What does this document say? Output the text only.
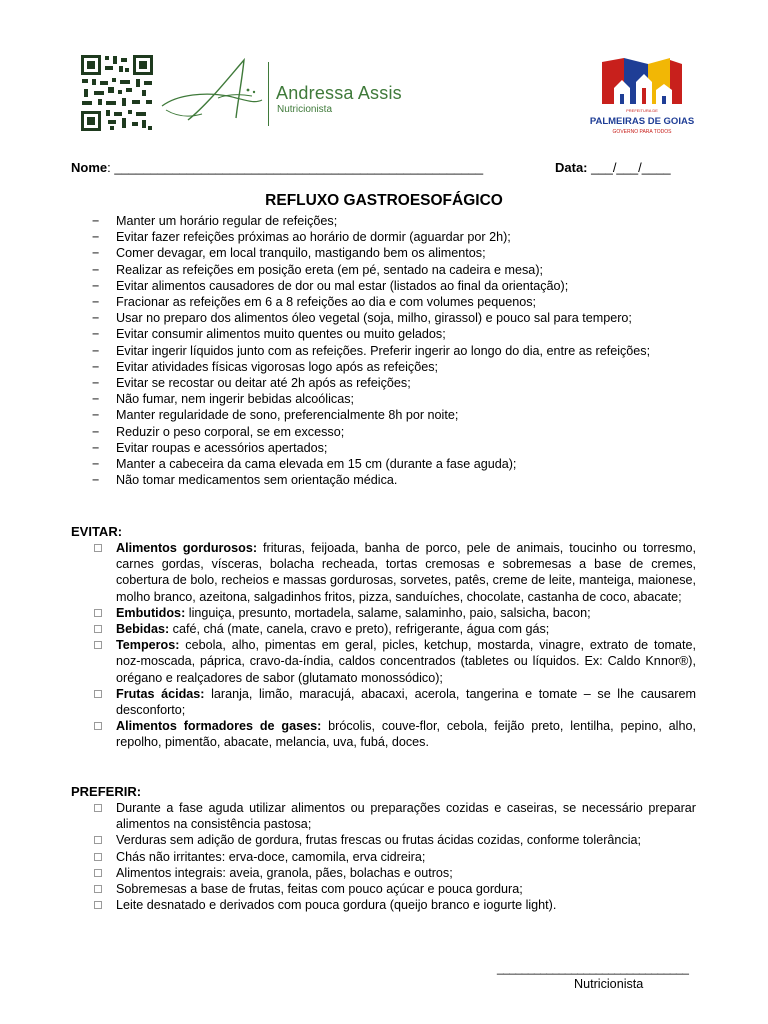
Andressa Assis
Nutricionista	PREFEITURA DE
PALMEIRAS DE GOIAS
GOVERNO PARA TODOS
Nome: ___________________________________________________	Data: ___/___/____
REFLUXO GASTROESOFÁGICO
− Manter um horário regular de refeições;
− Evitar fazer refeições próximas ao horário de dormir (aguardar por 2h);
− Comer devagar, em local tranquilo, mastigando bem os alimentos;
− Realizar as refeições em posição ereta (em pé, sentado na cadeira e mesa);
− Evitar alimentos causadores de dor ou mal estar (listados ao final da orientação);
− Fracionar as refeições em 6 a 8 refeições ao dia e com volumes pequenos;
− Usar no preparo dos alimentos óleo vegetal (soja, milho, girassol) e pouco sal para tempero;
− Evitar consumir alimentos muito quentes ou muito gelados;
− Evitar ingerir líquidos junto com as refeições. Preferir ingerir ao longo do dia, entre as refeições;
− Evitar atividades físicas vigorosas logo após as refeições;
− Evitar se recostar ou deitar até 2h após as refeições;
− Não fumar, nem ingerir bebidas alcoólicas;
− Manter regularidade de sono, preferencialmente 8h por noite;
− Reduzir o peso corporal, se em excesso;
− Evitar roupas e acessórios apertados;
− Manter a cabeceira da cama elevada em 15 cm (durante a fase aguda);
− Não tomar medicamentos sem orientação médica.
EVITAR:
Alimentos gordurosos: frituras, feijoada, banha de porco, pele de animais, toucinho ou torresmo, carnes gordas, vísceras, bolacha recheada, tortas cremosas e sobremesas a base de cremes, cobertura de bolo, recheios e massas gordurosas, sorvetes, patês, creme de leite, manteiga, maionese, molho branco, azeitona, salgadinhos fritos, pizza, sanduíches, chocolate, castanha de coco, abacate;
Embutidos: linguiça, presunto, mortadela, salame, salaminho, paio, salsicha, bacon;
Bebidas: café, chá (mate, canela, cravo e preto), refrigerante, água com gás;
Temperos: cebola, alho, pimentas em geral, picles, ketchup, mostarda, vinagre, extrato de tomate, noz-moscada, páprica, cravo-da-índia, caldos concentrados (tabletes ou líquidos. Ex: Caldo Knnor®), orégano e realçadores de sabor (glutamato monossódico);
Frutas ácidas: laranja, limão, maracujá, abacaxi, acerola, tangerina e tomate – se lhe causarem desconforto;
Alimentos formadores de gases: brócolis, couve-flor, cebola, feijão preto, lentilha, pepino, alho, repolho, pimentão, abacate, melancia, uva, fubá, doces.
PREFERIR:
Durante a fase aguda utilizar alimentos ou preparações cozidas e caseiras, se necessário preparar alimentos na consistência pastosa;
Verduras sem adição de gordura, frutas frescas ou frutas ácidas cozidas, conforme tolerância;
Chás não irritantes: erva-doce, camomila, erva cidreira;
Alimentos integrais: aveia, granola, pães, bolachas e outros;
Sobremesas a base de frutas, feitas com pouco açúcar e pouca gordura;
Leite desnatado e derivados com pouca gordura (queijo branco e iogurte light).
_______________________________
Nutricionista
